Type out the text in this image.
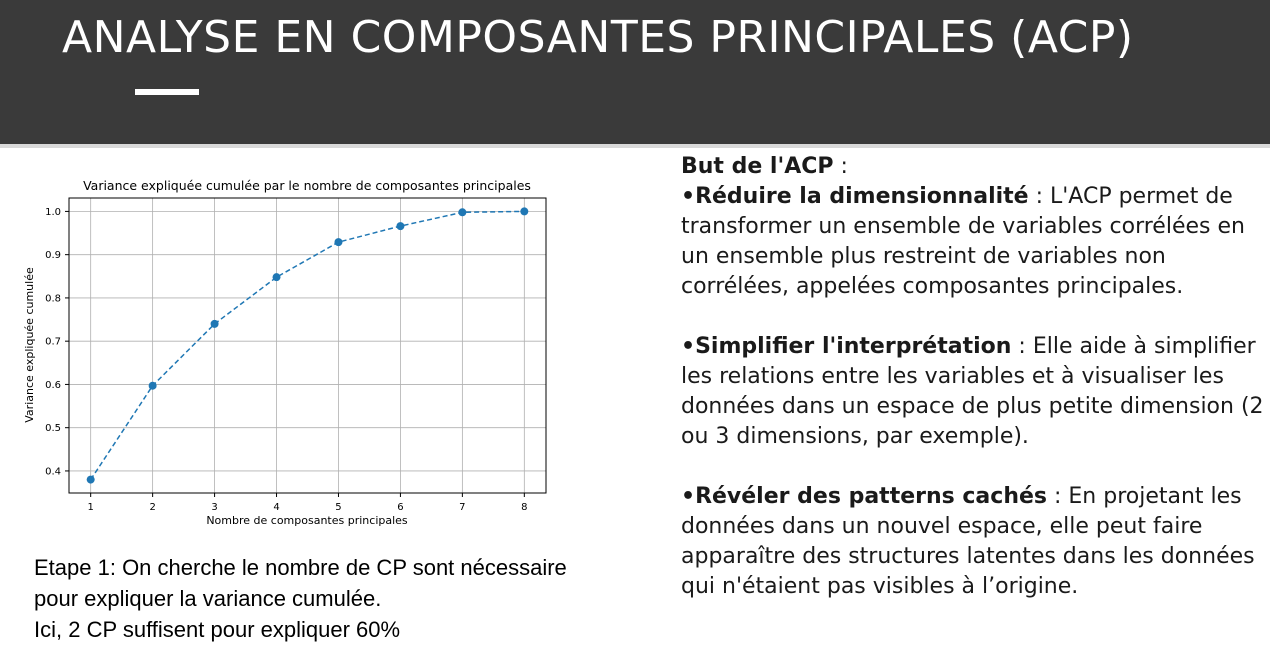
ANALYSE EN COMPOSANTES PRINCIPALES (ACP)
Variance expliquée cumulée par le nombre de composantes principales
1	2	3	4	5	6	7	8
0.4
0.5
0.6
0.7
0.8
0.9
1.0
Nombre de composantes principales
Variance expliquée cumulée
Etape 1: On cherche le nombre de CP sont nécessaire
pour expliquer la variance cumulée.
Ici, 2 CP suffisent pour expliquer 60%

But de l'ACP :

•Réduire la dimensionnalité : L'ACP permet de transformer un ensemble de variables corrélées en un ensemble plus restreint de variables non corrélées, appelées composantes principales.

•Simplifier l'interprétation : Elle aide à simplifier les relations entre les variables et à visualiser les données dans un espace de plus petite dimension (2 ou 3 dimensions, par exemple).

•Révéler des patterns cachés : En projetant les données dans un nouvel espace, elle peut faire apparaître des structures latentes dans les données qui n'étaient pas visibles à l’origine.
